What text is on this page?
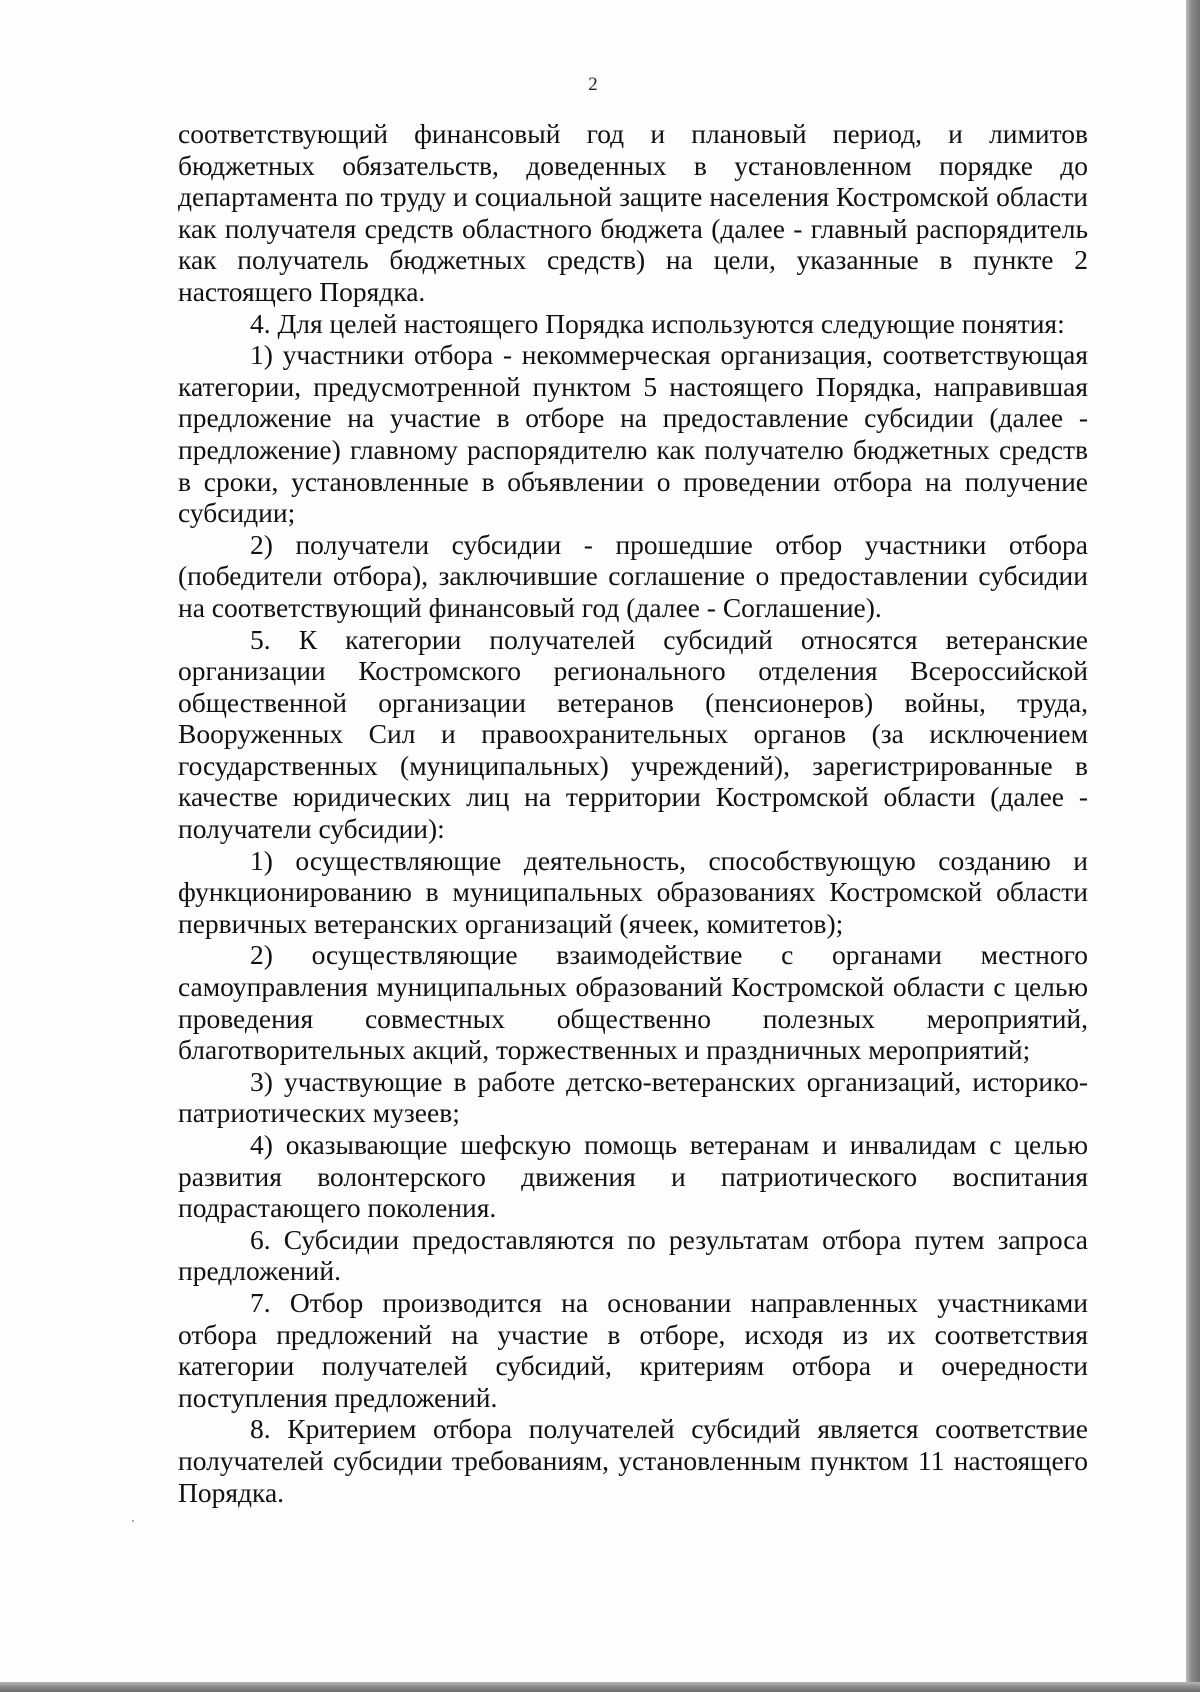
2

соответствующий финансовый год и плановый период, и лимитов бюджетных обязательств, доведенных в установленном порядке до департамента по труду и социальной защите населения Костромской области как получателя средств областного бюджета (далее - главный распорядитель как получатель бюджетных средств) на цели, указанные в пункте 2 настоящего Порядка.

4. Для целей настоящего Порядка используются следующие понятия:

1) участники отбора - некоммерческая организация, соответствующая категории, предусмотренной пунктом 5 настоящего Порядка, направившая предложение на участие в отборе на предоставление субсидии (далее - предложение) главному распорядителю как получателю бюджетных средств в сроки, установленные в объявлении о проведении отбора на получение субсидии;

2) получатели субсидии - прошедшие отбор участники отбора (победители отбора), заключившие соглашение о предоставлении субсидии на соответствующий финансовый год (далее - Соглашение).

5. К категории получателей субсидий относятся ветеранские организации Костромского регионального отделения Всероссийской общественной организации ветеранов (пенсионеров) войны, труда, Вооруженных Сил и правоохранительных органов (за исключением государственных (муниципальных) учреждений), зарегистрированные в качестве юридических лиц на территории Костромской области (далее - получатели субсидии):

1) осуществляющие деятельность, способствующую созданию и функционированию в муниципальных образованиях Костромской области первичных ветеранских организаций (ячеек, комитетов);

2) осуществляющие взаимодействие с органами местного самоуправления муниципальных образований Костромской области с целью проведения совместных общественно полезных мероприятий, благотворительных акций, торжественных и праздничных мероприятий;

3) участвующие в работе детско-ветеранских организаций, историко-патриотических музеев;

4) оказывающие шефскую помощь ветеранам и инвалидам с целью развития волонтерского движения и патриотического воспитания подрастающего поколения.

6. Субсидии предоставляются по результатам отбора путем запроса предложений.

7. Отбор производится на основании направленных участниками отбора предложений на участие в отборе, исходя из их соответствия категории получателей субсидий, критериям отбора и очередности поступления предложений.

8. Критерием отбора получателей субсидий является соответствие получателей субсидии требованиям, установленным пунктом 11 настоящего Порядка.
